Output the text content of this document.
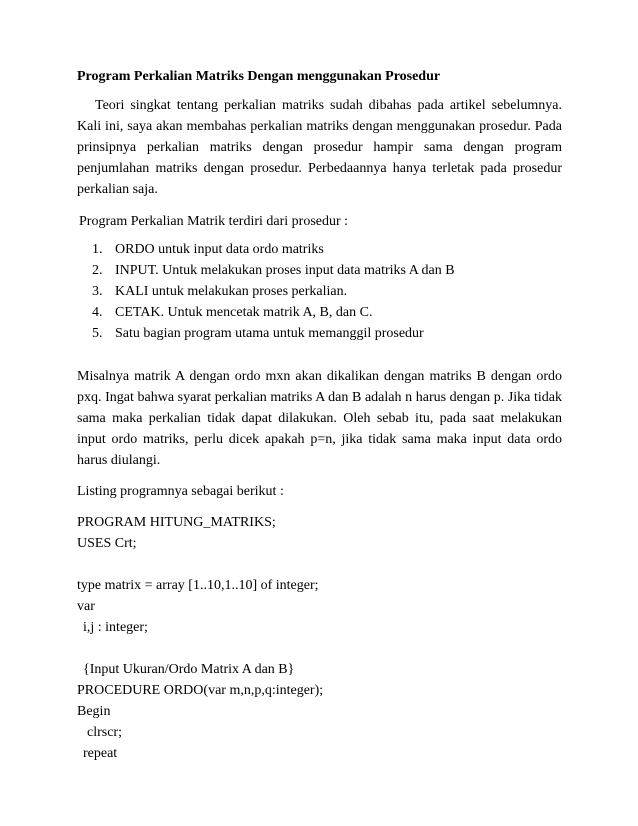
Program Perkalian Matriks Dengan menggunakan Prosedur

Teori singkat tentang perkalian matriks sudah dibahas pada artikel sebelumnya. Kali ini, saya akan membahas perkalian matriks dengan menggunakan prosedur. Pada prinsipnya perkalian matriks dengan prosedur hampir sama dengan program penjumlahan matriks dengan prosedur. Perbedaannya hanya terletak pada prosedur perkalian saja.

Program Perkalian Matrik terdiri dari prosedur :
1. ORDO untuk input data ordo matriks
2. INPUT. Untuk melakukan proses input data matriks A dan B
3. KALI untuk melakukan proses perkalian.
4. CETAK. Untuk mencetak matrik A, B, dan C.
5. Satu bagian program utama untuk memanggil prosedur

Misalnya matrik A dengan ordo mxn akan dikalikan dengan matriks B dengan ordo pxq. Ingat bahwa syarat perkalian matriks A dan B adalah n harus dengan p. Jika tidak sama maka perkalian tidak dapat dilakukan. Oleh sebab itu, pada saat melakukan input ordo matriks, perlu dicek apakah p=n, jika tidak sama maka input data ordo harus diulangi.

Listing programnya sebagai berikut :
PROGRAM HITUNG_MATRIKS;
USES Crt;
type matrix = array [1..10,1..10] of integer;
var
i,j : integer;
{Input Ukuran/Ordo Matrix A dan B}
PROCEDURE ORDO(var m,n,p,q:integer);
Begin
clrscr;
repeat
